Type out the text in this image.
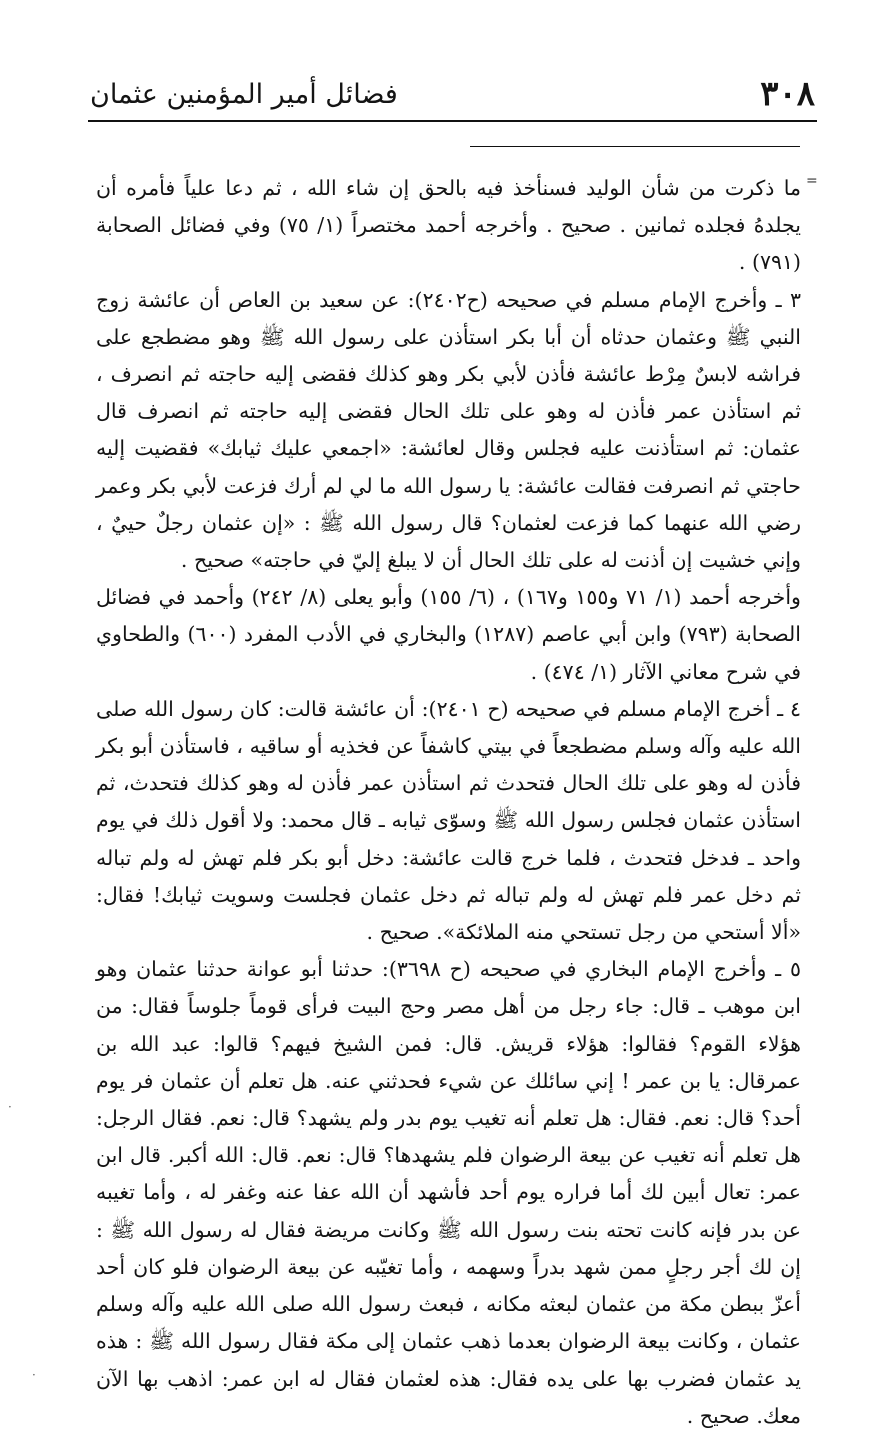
٣٠٨
فضائل أمير المؤمنين عثمان
=

ما ذكرت من شأن الوليد فسنأخذ فيه بالحق إن شاء الله ، ثم دعا علياً فأمره أن يجلدهُ فجلده ثمانين . صحيح . وأخرجه أحمد مختصراً (١/ ٧٥) وفي فضائل الصحابة (٧٩١) .

٣ ـ وأخرج الإمام مسلم في صحيحه (ح٢٤٠٢): عن سعيد بن العاص أن عائشة زوج النبي ﷺ وعثمان حدثاه أن أبا بكر استأذن على رسول الله ﷺ وهو مضطجع على فراشه لابسٌ مِرْط عائشة فأذن لأبي بكر وهو كذلك فقضى إليه حاجته ثم انصرف ، ثم استأذن عمر فأذن له وهو على تلك الحال فقضى إليه حاجته ثم انصرف قال عثمان: ثم استأذنت عليه فجلس وقال لعائشة: «اجمعي عليك ثيابك» فقضيت إليه حاجتي ثم انصرفت فقالت عائشة: يا رسول الله ما لي لم أرك فزعت لأبي بكر وعمر رضي الله عنهما كما فزعت لعثمان؟ قال رسول الله ﷺ : «إن عثمان رجلٌ حييٌ ، وإني خشيت إن أذنت له على تلك الحال أن لا يبلغ إليّ في حاجته» صحيح .

وأخرجه أحمد (١/ ٧١ و١٥٥ و١٦٧) ، (٦/ ١٥٥) وأبو يعلى (٨/ ٢٤٢) وأحمد في فضائل الصحابة (٧٩٣) وابن أبي عاصم (١٢٨٧) والبخاري في الأدب المفرد (٦٠٠) والطحاوي في شرح معاني الآثار (١/ ٤٧٤) .

٤ ـ أخرج الإمام مسلم في صحيحه (ح ٢٤٠١): أن عائشة قالت: كان رسول الله صلى الله عليه وآله وسلم مضطجعاً في بيتي كاشفاً عن فخذيه أو ساقيه ، فاستأذن أبو بكر فأذن له وهو على تلك الحال فتحدث ثم استأذن عمر فأذن له وهو كذلك فتحدث، ثم استأذن عثمان فجلس رسول الله ﷺ وسوّى ثيابه ـ قال محمد: ولا أقول ذلك في يوم واحد ـ فدخل فتحدث ، فلما خرج قالت عائشة: دخل أبو بكر فلم تهش له ولم تباله ثم دخل عمر فلم تهش له ولم تباله ثم دخل عثمان فجلست وسويت ثيابك! فقال: «ألا أستحي من رجل تستحي منه الملائكة». صحيح .

٥ ـ وأخرج الإمام البخاري في صحيحه (ح ٣٦٩٨): حدثنا أبو عوانة حدثنا عثمان وهو ابن موهب ـ قال: جاء رجل من أهل مصر وحج البيت فرأى قوماً جلوساً فقال: من هؤلاء القوم؟ فقالوا: هؤلاء قريش. قال: فمن الشيخ فيهم؟ قالوا: عبد الله بن عمرقال: يا بن عمر ! إني سائلك عن شيء فحدثني عنه. هل تعلم أن عثمان فر يوم أحد؟ قال: نعم. فقال: هل تعلم أنه تغيب يوم بدر ولم يشهد؟ قال: نعم. فقال الرجل: هل تعلم أنه تغيب عن بيعة الرضوان فلم يشهدها؟ قال: نعم. قال: الله أكبر. قال ابن عمر: تعال أبين لك أما فراره يوم أحد فأشهد أن الله عفا عنه وغفر له ، وأما تغيبه عن بدر فإنه كانت تحته بنت رسول الله ﷺ وكانت مريضة فقال له رسول الله ﷺ : إن لك أجر رجلٍ ممن شهد بدراً وسهمه ، وأما تغيّبه عن بيعة الرضوان فلو كان أحد أعزّ ببطن مكة من عثمان لبعثه مكانه ، فبعث رسول الله صلى الله عليه وآله وسلم عثمان ، وكانت بيعة الرضوان بعدما ذهب عثمان إلى مكة فقال رسول الله ﷺ : هذه يد عثمان فضرب بها على يده فقال: هذه لعثمان فقال له ابن عمر: اذهب بها الآن معك. صحيح .

·
·
